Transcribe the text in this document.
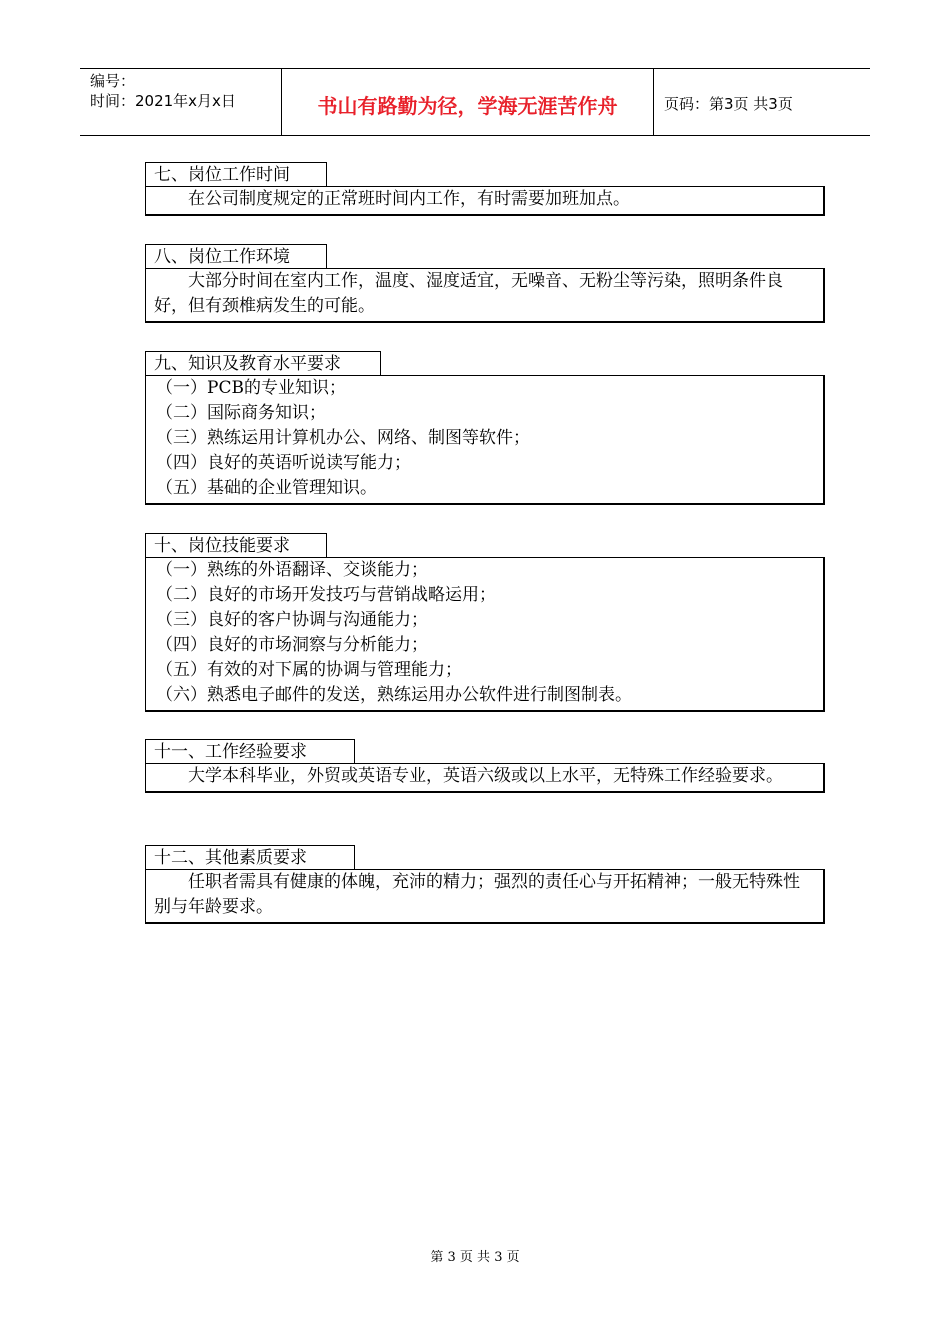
编号：
时间：2021年x月x日	书山有路勤为径，学海无涯苦作舟	页码：第3页 共3页
七、岗位工作时间

在公司制度规定的正常班时间内工作，有时需要加班加点。

八、岗位工作环境

大部分时间在室内工作，温度、湿度适宜，无噪音、无粉尘等污染，照明条件良好，但有颈椎病发生的可能。

九、知识及教育水平要求

（一）PCB的专业知识；

（二）国际商务知识；

（三）熟练运用计算机办公、网络、制图等软件；

（四）良好的英语听说读写能力；

（五）基础的企业管理知识。

十、岗位技能要求

（一）熟练的外语翻译、交谈能力；

（二）良好的市场开发技巧与营销战略运用；

（三）良好的客户协调与沟通能力；

（四）良好的市场洞察与分析能力；

（五）有效的对下属的协调与管理能力；

（六）熟悉电子邮件的发送，熟练运用办公软件进行制图制表。

十一、工作经验要求

大学本科毕业，外贸或英语专业，英语六级或以上水平，无特殊工作经验要求。

十二、其他素质要求

任职者需具有健康的体魄，充沛的精力；强烈的责任心与开拓精神；一般无特殊性别与年龄要求。

第 3 页 共 3 页
